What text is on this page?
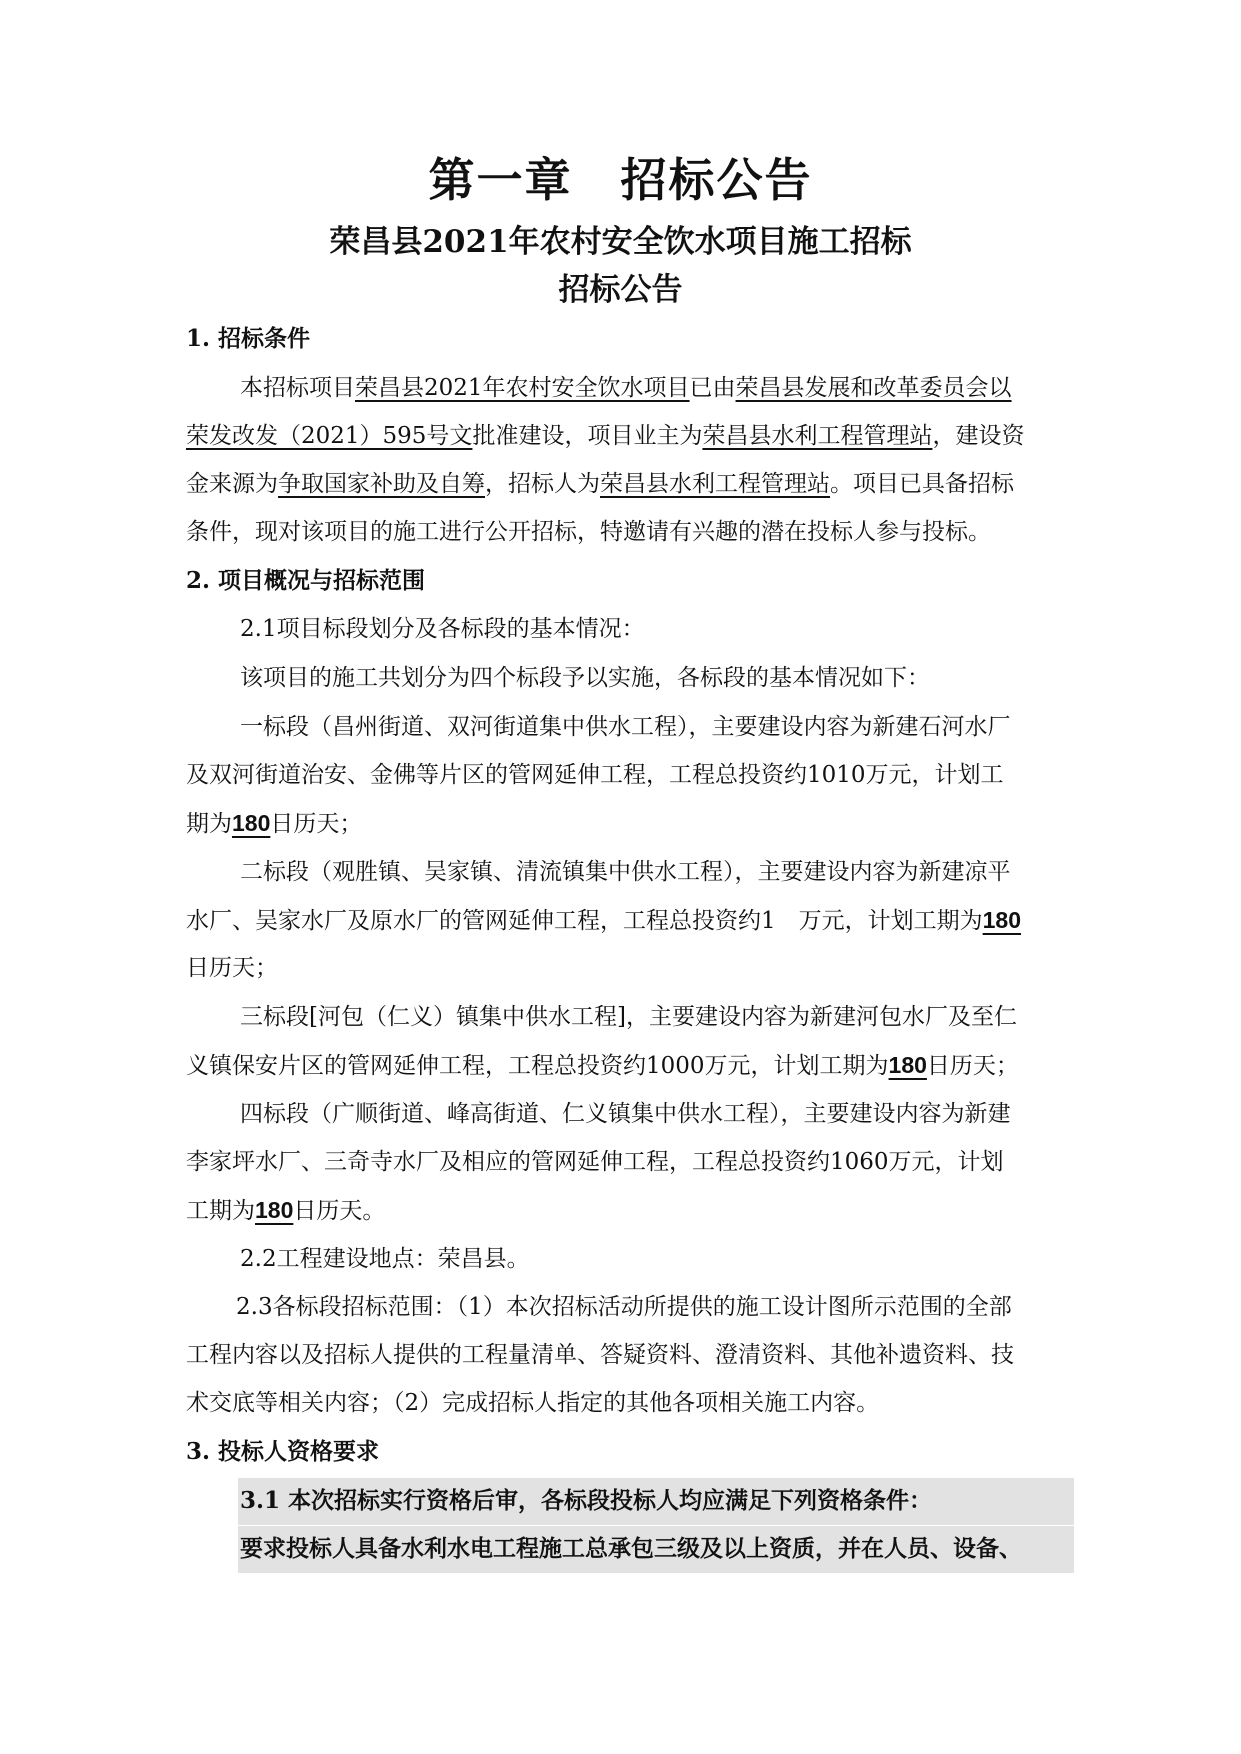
第一章 招标公告
荣昌县2021年农村安全饮水项目施工招标
招标公告
1. 招标条件
本招标项目荣昌县2021年农村安全饮水项目已由荣昌县发展和改革委员会以
荣发改发（2021）595号文批准建设，项目业主为荣昌县水利工程管理站，建设资
金来源为争取国家补助及自筹，招标人为荣昌县水利工程管理站。项目已具备招标
条件，现对该项目的施工进行公开招标，特邀请有兴趣的潜在投标人参与投标。
2. 项目概况与招标范围
2.1项目标段划分及各标段的基本情况：
该项目的施工共划分为四个标段予以实施，各标段的基本情况如下：
一标段（昌州街道、双河街道集中供水工程），主要建设内容为新建石河水厂
及双河街道治安、金佛等片区的管网延伸工程，工程总投资约1010万元，计划工
期为180日历天；
二标段（观胜镇、吴家镇、清流镇集中供水工程），主要建设内容为新建凉平
水厂、吴家水厂及原水厂的管网延伸工程，工程总投资约1　万元，计划工期为180
日历天；
三标段[河包（仁义）镇集中供水工程]，主要建设内容为新建河包水厂及至仁
义镇保安片区的管网延伸工程，工程总投资约1000万元，计划工期为180日历天；
四标段（广顺街道、峰高街道、仁义镇集中供水工程），主要建设内容为新建
李家坪水厂、三奇寺水厂及相应的管网延伸工程，工程总投资约1060万元，计划
工期为180日历天。
2.2工程建设地点：荣昌县。
2.3各标段招标范围：（1）本次招标活动所提供的施工设计图所示范围的全部
工程内容以及招标人提供的工程量清单、答疑资料、澄清资料、其他补遗资料、技
术交底等相关内容；（2）完成招标人指定的其他各项相关施工内容。
3. 投标人资格要求
3.1 本次招标实行资格后审，各标段投标人均应满足下列资格条件：
要求投标人具备水利水电工程施工总承包三级及以上资质，并在人员、设备、
